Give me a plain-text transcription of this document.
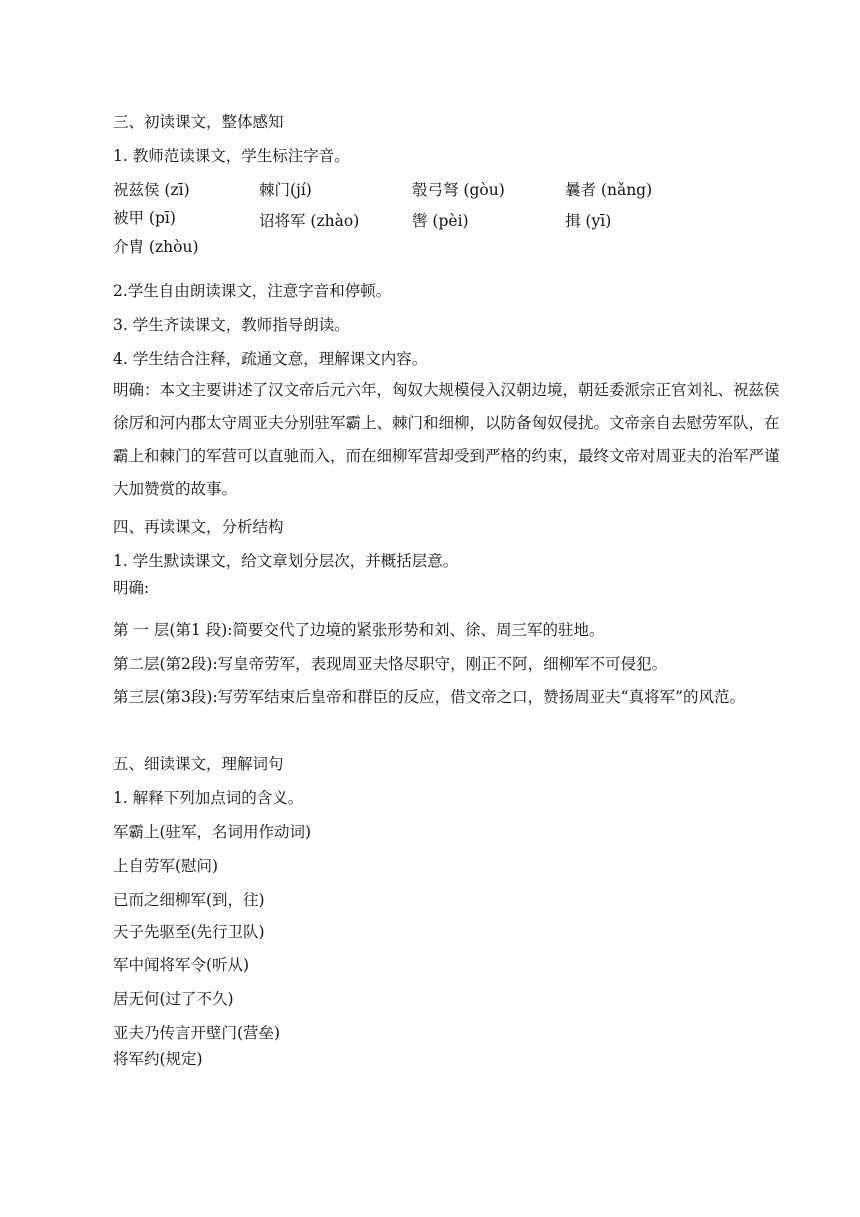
三、初读课文，整体感知
1. 教师范读课文，学生标注字音。
祝兹侯 (zī)	棘门(jí)	彀弓弩 (gòu)	曩者 (nǎng)
被甲 (pī)	诏将军 (zhào)	辔 (pèi)	揖 (yī)
介胄 (zhòu)
2.学生自由朗读课文，注意字音和停顿。
3. 学生齐读课文，教师指导朗读。
4. 学生结合注释，疏通文意，理解课文内容。
明确：本文主要讲述了汉文帝后元六年，匈奴大规模侵入汉朝边境，朝廷委派宗正官刘礼、祝兹侯徐厉和河内郡太守周亚夫分别驻军霸上、棘门和细柳，以防备匈奴侵扰。文帝亲自去慰劳军队，在霸上和棘门的军营可以直驰而入，而在细柳军营却受到严格的约束，最终文帝对周亚夫的治军严谨大加赞赏的故事。
四、再读课文，分析结构
1. 学生默读课文，给文章划分层次，并概括层意。
明确:
第 一 层(第1 段):简要交代了边境的紧张形势和刘、徐、周三军的驻地。
第二层(第2段):写皇帝劳军，表现周亚夫恪尽职守，刚正不阿，细柳军不可侵犯。
第三层(第3段):写劳军结束后皇帝和群臣的反应，借文帝之口，赞扬周亚夫“真将军”的风范。
五、细读课文，理解词句
1. 解释下列加点词的含义。
军霸上(驻军，名词用作动词)
上自劳军(慰问)
已而之细柳军(到，往)
天子先驱至(先行卫队)
军中闻将军令(听从)
居无何(过了不久)
亚夫乃传言开壁门(营垒)
将军约(规定)
